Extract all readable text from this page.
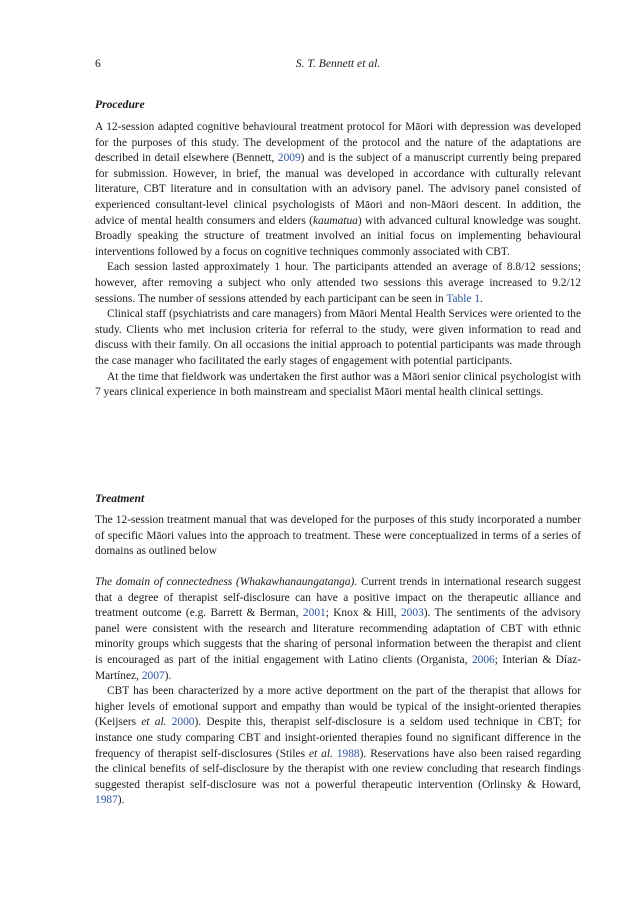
6	S. T. Bennett et al.
Procedure

A 12-session adapted cognitive behavioural treatment protocol for Māori with depression was developed for the purposes of this study. The development of the protocol and the nature of the adaptations are described in detail elsewhere (Bennett, 2009) and is the subject of a manuscript currently being prepared for submission. However, in brief, the manual was developed in accordance with culturally relevant literature, CBT literature and in consultation with an advisory panel. The advisory panel consisted of experienced consultant-level clinical psychologists of Māori and non-Māori descent. In addition, the advice of mental health consumers and elders (kaumatua) with advanced cultural knowledge was sought. Broadly speaking the structure of treatment involved an initial focus on implementing behavioural interventions followed by a focus on cognitive techniques commonly associated with CBT.

Each session lasted approximately 1 hour. The participants attended an average of 8.8/12 sessions; however, after removing a subject who only attended two sessions this average increased to 9.2/12 sessions. The number of sessions attended by each participant can be seen in Table 1.

Clinical staff (psychiatrists and care managers) from Māori Mental Health Services were oriented to the study. Clients who met inclusion criteria for referral to the study, were given information to read and discuss with their family. On all occasions the initial approach to potential participants was made through the case manager who facilitated the early stages of engagement with potential participants.

At the time that fieldwork was undertaken the first author was a Māori senior clinical psychologist with 7 years clinical experience in both mainstream and specialist Māori mental health clinical settings.

Treatment

The 12-session treatment manual that was developed for the purposes of this study incorporated a number of specific Māori values into the approach to treatment. These were conceptualized in terms of a series of domains as outlined below

The domain of connectedness (Whakawhanaungatanga). Current trends in international research suggest that a degree of therapist self-disclosure can have a positive impact on the therapeutic alliance and treatment outcome (e.g. Barrett & Berman, 2001; Knox & Hill, 2003). The sentiments of the advisory panel were consistent with the research and literature recommending adaptation of CBT with ethnic minority groups which suggests that the sharing of personal information between the therapist and client is encouraged as part of the initial engagement with Latino clients (Organista, 2006; Interian & Díaz-Martínez, 2007).

CBT has been characterized by a more active deportment on the part of the therapist that allows for higher levels of emotional support and empathy than would be typical of the insight-oriented therapies (Keijsers et al. 2000). Despite this, therapist self-disclosure is a seldom used technique in CBT; for instance one study comparing CBT and insight-oriented therapies found no significant difference in the frequency of therapist self-disclosures (Stiles et al. 1988). Reservations have also been raised regarding the clinical benefits of self-disclosure by the therapist with one review concluding that research findings suggested therapist self-disclosure was not a powerful therapeutic intervention (Orlinsky & Howard, 1987).
